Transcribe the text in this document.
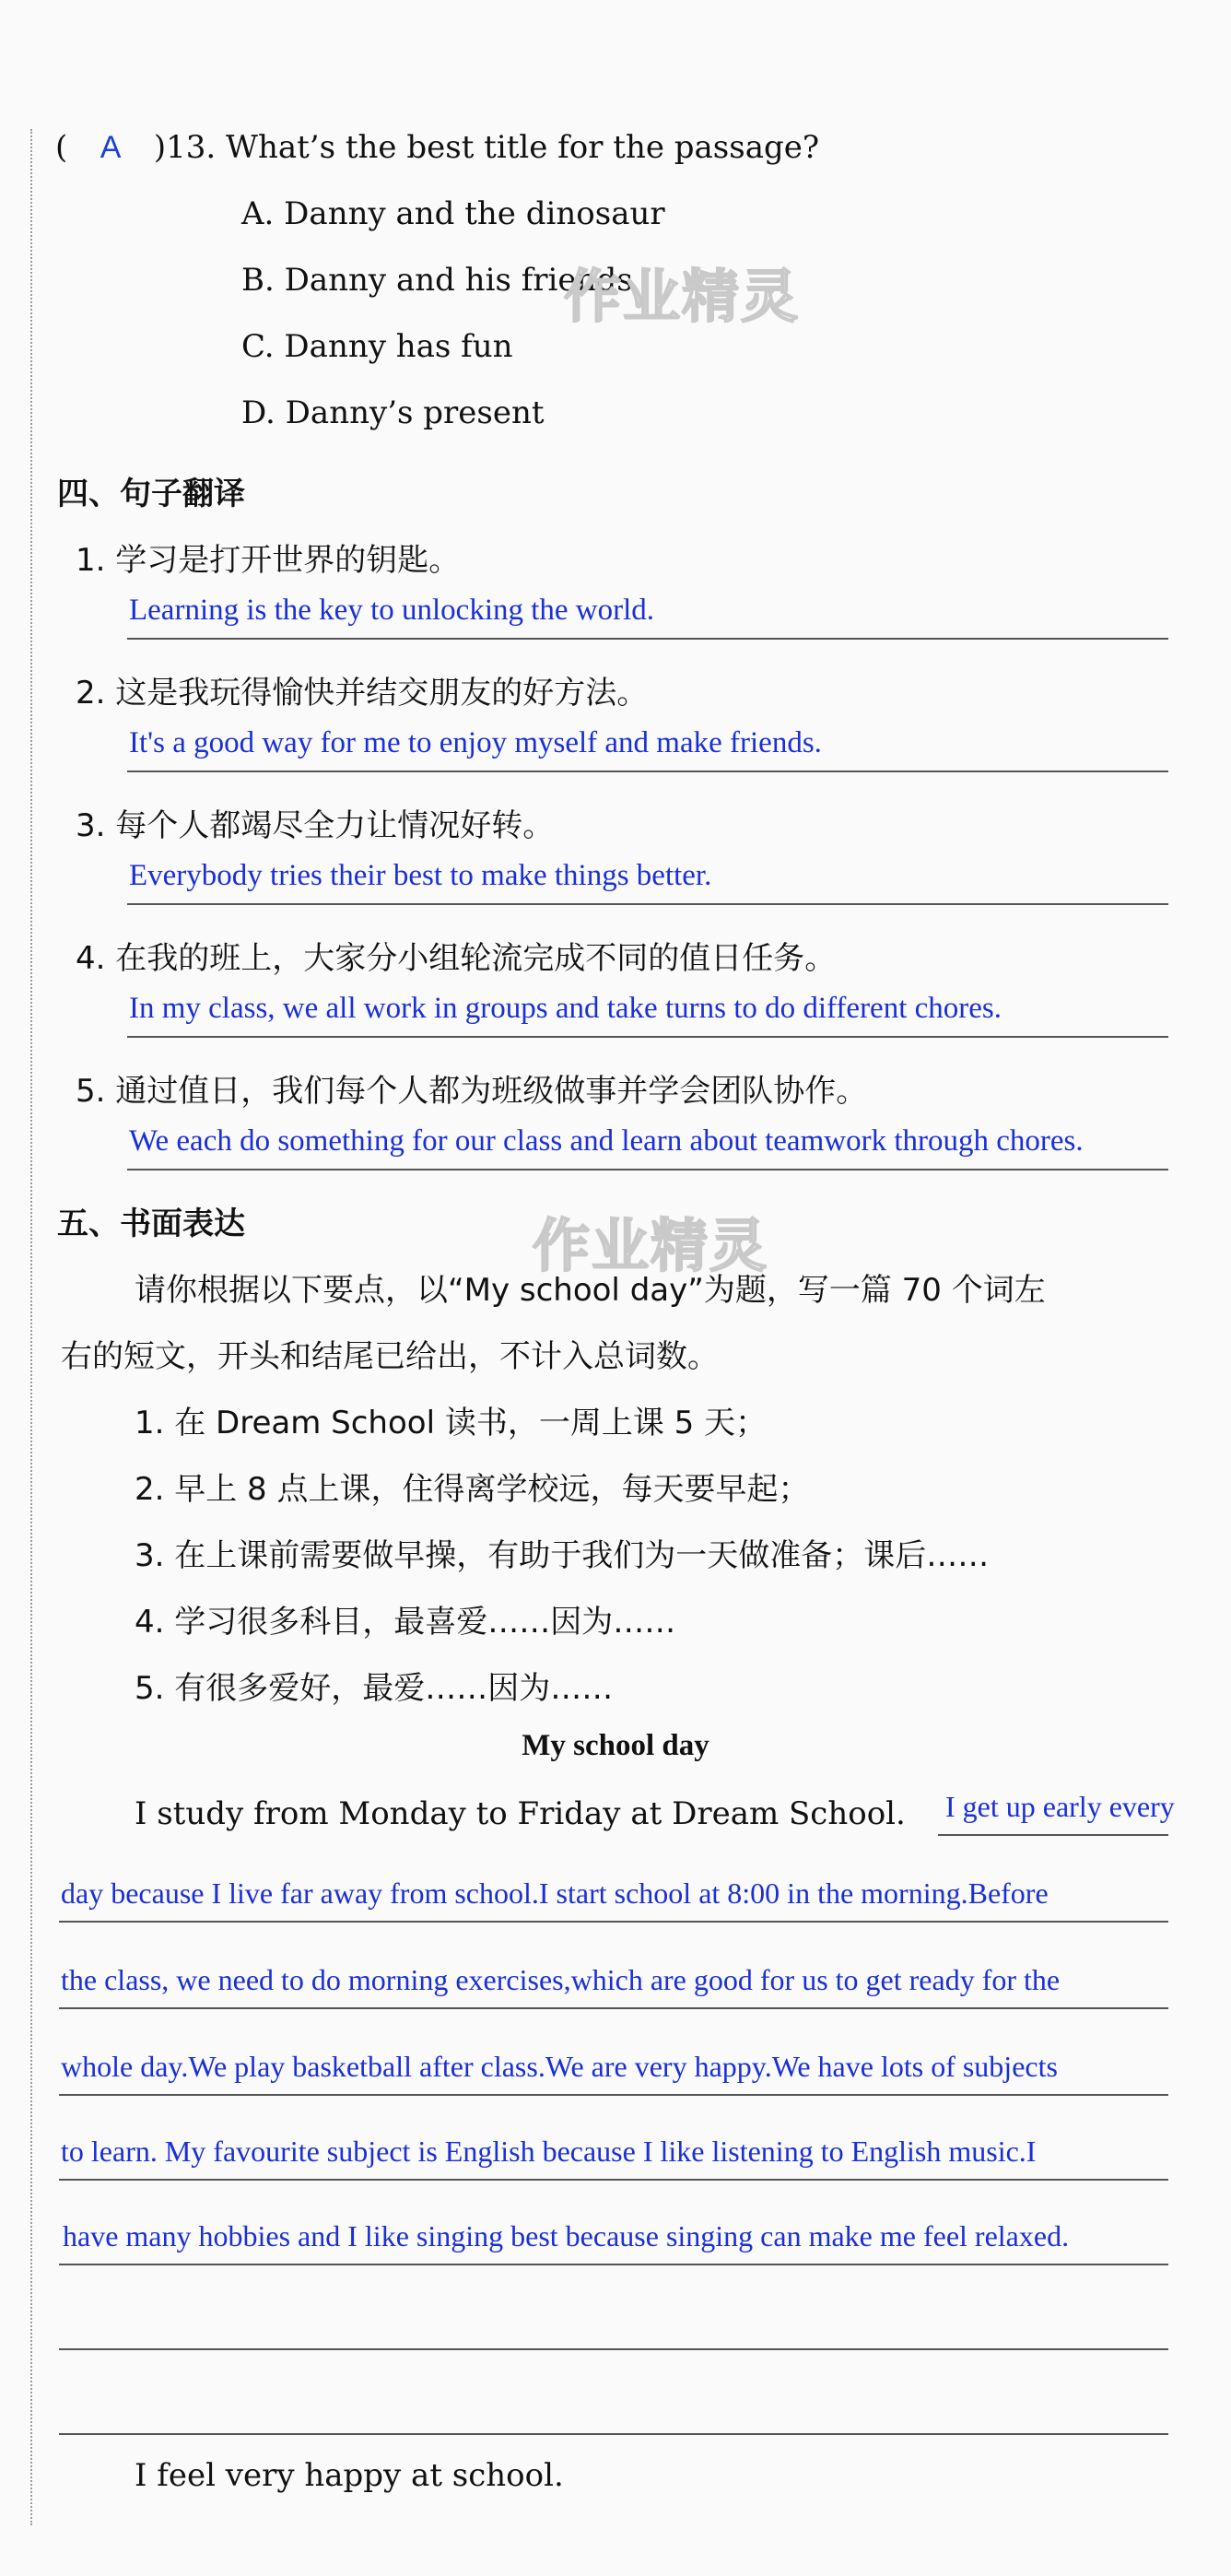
( A )13. What’s the best title for the passage?
A. Danny and the dinosaur
B. Danny and his friends
C. Danny has fun
D. Danny’s present
作业精灵
四、句子翻译
1. 学习是打开世界的钥匙。
Learning is the key to unlocking the world.
2. 这是我玩得愉快并结交朋友的好方法。
It's a good way for me to enjoy myself and make friends.
3. 每个人都竭尽全力让情况好转。
Everybody tries their best to make things better.
4. 在我的班上，大家分小组轮流完成不同的值日任务。
In my class, we all work in groups and take turns to do different chores.
5. 通过值日，我们每个人都为班级做事并学会团队协作。
We each do something for our class and learn about teamwork through chores.
五、书面表达	作业精灵
请你根据以下要点，以“My school day”为题，写一篇 70 个词左
右的短文，开头和结尾已给出，不计入总词数。
1. 在 Dream School 读书，一周上课 5 天；
2. 早上 8 点上课，住得离学校远，每天要早起；
3. 在上课前需要做早操，有助于我们为一天做准备；课后……
4. 学习很多科目，最喜爱……因为……
5. 有很多爱好，最爱……因为……
My school day
I study from Monday to Friday at Dream School. I get up early every
day because I live far away from school.I start school at 8:00 in the morning.Before
the class, we need to do morning exercises,which are good for us to get ready for the
whole day.We play basketball after class.We are very happy.We have lots of subjects
to learn. My favourite subject is English because I like listening to English music.I
have many hobbies and I like singing best because singing can make me feel relaxed.
I feel very happy at school.
